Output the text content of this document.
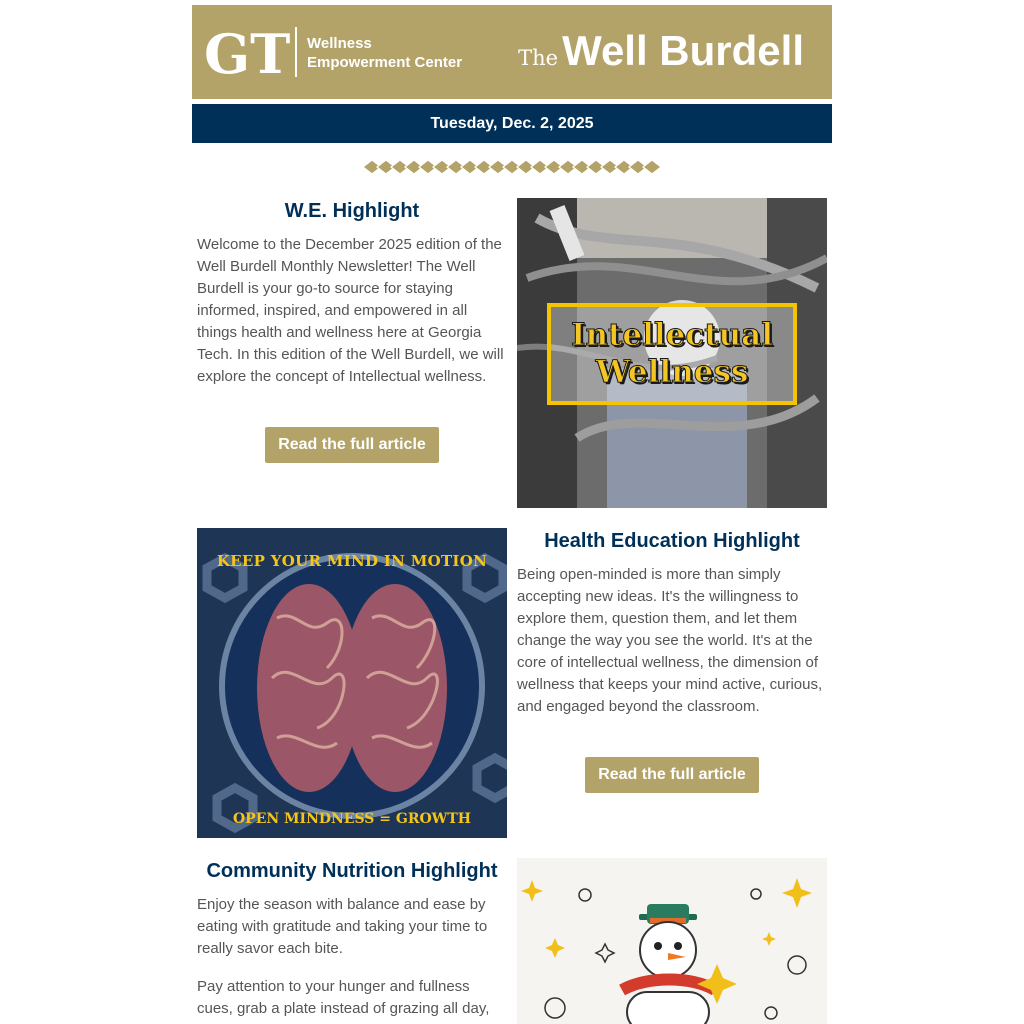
GT Wellness
Empowerment Center	TheWell Burdell
Tuesday, Dec. 2, 2025
W.E. Highlight

Welcome to the December 2025 edition of the Well Burdell Monthly Newsletter! The Well Burdell is your go-to source for staying informed, inspired, and empowered in all things health and wellness here at Georgia Tech. In this edition of the Well Burdell, we will explore the concept of Intellectual wellness.

Read the full article
Intellectual
Wellness
KEEP YOUR MIND IN MOTION
OPEN MINDNESS = GROWTH
Health Education Highlight

Being open-minded is more than simply accepting new ideas. It's the willingness to explore them, question them, and let them change the way you see the world. It's at the core of intellectual wellness, the dimension of wellness that keeps your mind active, curious, and engaged beyond the classroom.

Read the full article
Community Nutrition Highlight

Enjoy the season with balance and ease by eating with gratitude and taking your time to really savor each bite.

Pay attention to your hunger and fullness cues, grab a plate instead of grazing all day,
